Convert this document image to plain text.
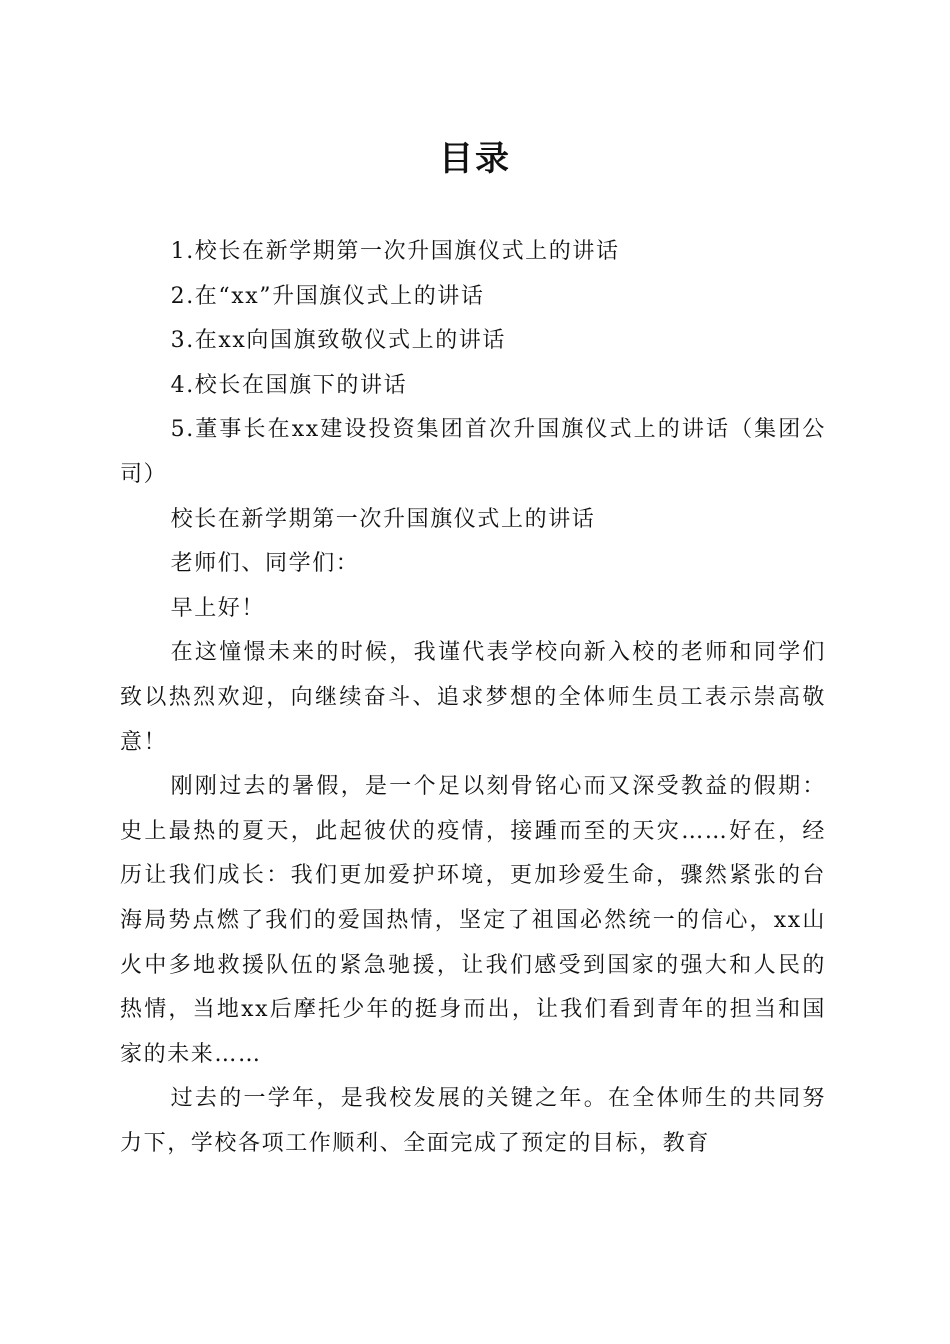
目录

1.校长在新学期第一次升国旗仪式上的讲话

2.在“xx”升国旗仪式上的讲话

3.在xx向国旗致敬仪式上的讲话

4.校长在国旗下的讲话

5.董事长在xx建设投资集团首次升国旗仪式上的讲话（集团公司）

校长在新学期第一次升国旗仪式上的讲话

老师们、同学们：

早上好！

在这憧憬未来的时候，我谨代表学校向新入校的老师和同学们致以热烈欢迎，向继续奋斗、追求梦想的全体师生员工表示崇高敬意！

刚刚过去的暑假，是一个足以刻骨铭心而又深受教益的假期：史上最热的夏天，此起彼伏的疫情，接踵而至的天灾……好在，经历让我们成长：我们更加爱护环境，更加珍爱生命，骤然紧张的台海局势点燃了我们的爱国热情，坚定了祖国必然统一的信心，xx山火中多地救援队伍的紧急驰援，让我们感受到国家的强大和人民的热情，当地xx后摩托少年的挺身而出，让我们看到青年的担当和国家的未来……

过去的一学年，是我校发展的关键之年。在全体师生的共同努力下，学校各项工作顺利、全面完成了预定的目标，教育
